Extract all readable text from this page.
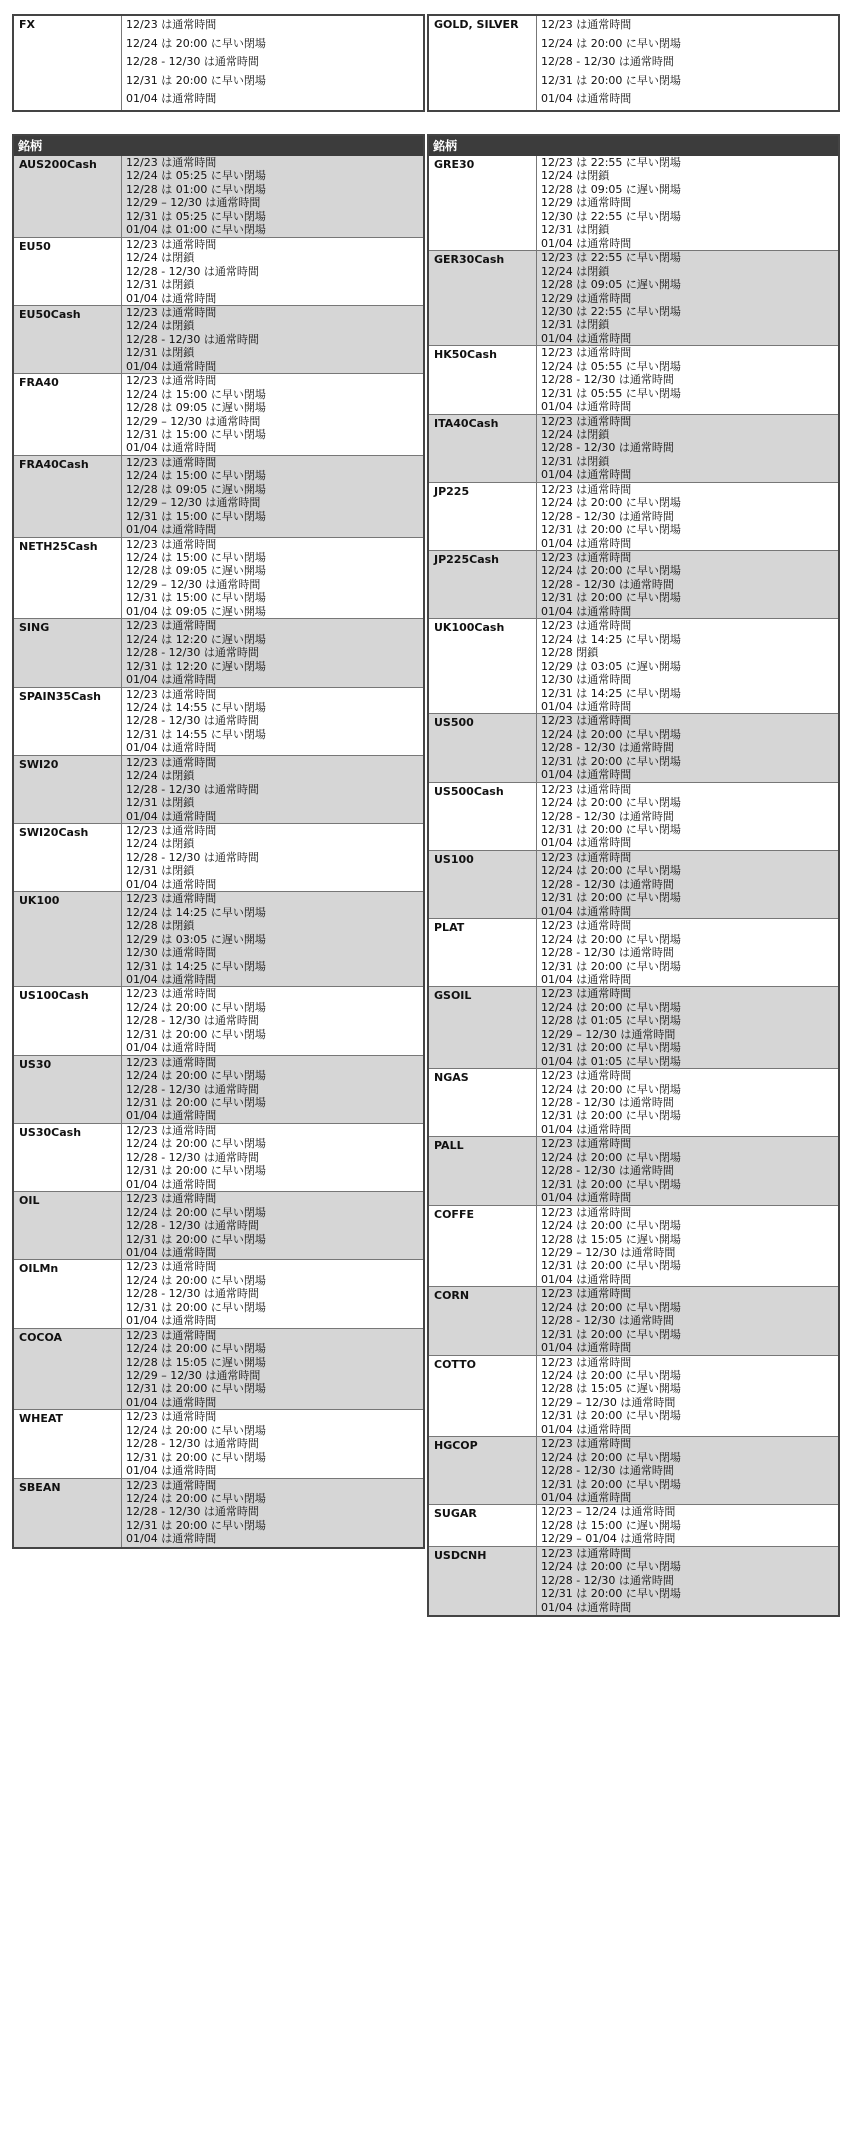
FX	12/23 は通常時間
12/24 は 20:00 に早い閉場
12/28 - 12/30 は通常時間
12/31 は 20:00 に早い閉場
01/04 は通常時間
GOLD, SILVER	12/23 は通常時間
12/24 は 20:00 に早い閉場
12/28 - 12/30 は通常時間
12/31 は 20:00 に早い閉場
01/04 は通常時間
銘柄
AUS200Cash	12/23 は通常時間
12/24 は 05:25 に早い閉場
12/28 は 01:00 に早い閉場
12/29 – 12/30 は通常時間
12/31 は 05:25 に早い閉場
01/04 は 01:00 に早い閉場
EU50	12/23 は通常時間
12/24 は閉鎖
12/28 - 12/30 は通常時間
12/31 は閉鎖
01/04 は通常時間
EU50Cash	12/23 は通常時間
12/24 は閉鎖
12/28 - 12/30 は通常時間
12/31 は閉鎖
01/04 は通常時間
FRA40	12/23 は通常時間
12/24 は 15:00 に早い閉場
12/28 は 09:05 に遅い開場
12/29 – 12/30 は通常時間
12/31 は 15:00 に早い閉場
01/04 は通常時間
FRA40Cash	12/23 は通常時間
12/24 は 15:00 に早い閉場
12/28 は 09:05 に遅い開場
12/29 – 12/30 は通常時間
12/31 は 15:00 に早い閉場
01/04 は通常時間
NETH25Cash	12/23 は通常時間
12/24 は 15:00 に早い閉場
12/28 は 09:05 に遅い開場
12/29 – 12/30 は通常時間
12/31 は 15:00 に早い閉場
01/04 は 09:05 に遅い開場
SING	12/23 は通常時間
12/24 は 12:20 に遅い閉場
12/28 - 12/30 は通常時間
12/31 は 12:20 に遅い閉場
01/04 は通常時間
SPAIN35Cash	12/23 は通常時間
12/24 は 14:55 に早い閉場
12/28 - 12/30 は通常時間
12/31 は 14:55 に早い閉場
01/04 は通常時間
SWI20	12/23 は通常時間
12/24 は閉鎖
12/28 - 12/30 は通常時間
12/31 は閉鎖
01/04 は通常時間
SWI20Cash	12/23 は通常時間
12/24 は閉鎖
12/28 - 12/30 は通常時間
12/31 は閉鎖
01/04 は通常時間
UK100	12/23 は通常時間
12/24 は 14:25 に早い閉場
12/28 は閉鎖
12/29 は 03:05 に遅い開場
12/30 は通常時間
12/31 は 14:25 に早い閉場
01/04 は通常時間
US100Cash	12/23 は通常時間
12/24 は 20:00 に早い閉場
12/28 - 12/30 は通常時間
12/31 は 20:00 に早い閉場
01/04 は通常時間
US30	12/23 は通常時間
12/24 は 20:00 に早い閉場
12/28 - 12/30 は通常時間
12/31 は 20:00 に早い閉場
01/04 は通常時間
US30Cash	12/23 は通常時間
12/24 は 20:00 に早い閉場
12/28 - 12/30 は通常時間
12/31 は 20:00 に早い閉場
01/04 は通常時間
OIL	12/23 は通常時間
12/24 は 20:00 に早い閉場
12/28 - 12/30 は通常時間
12/31 は 20:00 に早い閉場
01/04 は通常時間
OILMn	12/23 は通常時間
12/24 は 20:00 に早い閉場
12/28 - 12/30 は通常時間
12/31 は 20:00 に早い閉場
01/04 は通常時間
COCOA	12/23 は通常時間
12/24 は 20:00 に早い閉場
12/28 は 15:05 に遅い開場
12/29 – 12/30 は通常時間
12/31 は 20:00 に早い閉場
01/04 は通常時間
WHEAT	12/23 は通常時間
12/24 は 20:00 に早い閉場
12/28 - 12/30 は通常時間
12/31 は 20:00 に早い閉場
01/04 は通常時間
SBEAN	12/23 は通常時間
12/24 は 20:00 に早い閉場
12/28 - 12/30 は通常時間
12/31 は 20:00 に早い閉場
01/04 は通常時間
銘柄
GRE30	12/23 は 22:55 に早い閉場
12/24 は閉鎖
12/28 は 09:05 に遅い開場
12/29 は通常時間
12/30 は 22:55 に早い閉場
12/31 は閉鎖
01/04 は通常時間
GER30Cash	12/23 は 22:55 に早い閉場
12/24 は閉鎖
12/28 は 09:05 に遅い開場
12/29 は通常時間
12/30 は 22:55 に早い閉場
12/31 は閉鎖
01/04 は通常時間
HK50Cash	12/23 は通常時間
12/24 は 05:55 に早い閉場
12/28 - 12/30 は通常時間
12/31 は 05:55 に早い閉場
01/04 は通常時間
ITA40Cash	12/23 は通常時間
12/24 は閉鎖
12/28 - 12/30 は通常時間
12/31 は閉鎖
01/04 は通常時間
JP225	12/23 は通常時間
12/24 は 20:00 に早い閉場
12/28 - 12/30 は通常時間
12/31 は 20:00 に早い閉場
01/04 は通常時間
JP225Cash	12/23 は通常時間
12/24 は 20:00 に早い閉場
12/28 - 12/30 は通常時間
12/31 は 20:00 に早い閉場
01/04 は通常時間
UK100Cash	12/23 は通常時間
12/24 は 14:25 に早い閉場
12/28 閉鎖
12/29 は 03:05 に遅い開場
12/30 は通常時間
12/31 は 14:25 に早い閉場
01/04 は通常時間
US500	12/23 は通常時間
12/24 は 20:00 に早い閉場
12/28 - 12/30 は通常時間
12/31 は 20:00 に早い閉場
01/04 は通常時間
US500Cash	12/23 は通常時間
12/24 は 20:00 に早い閉場
12/28 - 12/30 は通常時間
12/31 は 20:00 に早い閉場
01/04 は通常時間
US100	12/23 は通常時間
12/24 は 20:00 に早い閉場
12/28 - 12/30 は通常時間
12/31 は 20:00 に早い閉場
01/04 は通常時間
PLAT	12/23 は通常時間
12/24 は 20:00 に早い閉場
12/28 - 12/30 は通常時間
12/31 は 20:00 に早い閉場
01/04 は通常時間
GSOIL	12/23 は通常時間
12/24 は 20:00 に早い閉場
12/28 は 01:05 に早い閉場
12/29 – 12/30 は通常時間
12/31 は 20:00 に早い閉場
01/04 は 01:05 に早い閉場
NGAS	12/23 は通常時間
12/24 は 20:00 に早い閉場
12/28 - 12/30 は通常時間
12/31 は 20:00 に早い閉場
01/04 は通常時間
PALL	12/23 は通常時間
12/24 は 20:00 に早い閉場
12/28 - 12/30 は通常時間
12/31 は 20:00 に早い閉場
01/04 は通常時間
COFFE	12/23 は通常時間
12/24 は 20:00 に早い閉場
12/28 は 15:05 に遅い開場
12/29 – 12/30 は通常時間
12/31 は 20:00 に早い閉場
01/04 は通常時間
CORN	12/23 は通常時間
12/24 は 20:00 に早い閉場
12/28 - 12/30 は通常時間
12/31 は 20:00 に早い閉場
01/04 は通常時間
COTTO	12/23 は通常時間
12/24 は 20:00 に早い閉場
12/28 は 15:05 に遅い開場
12/29 – 12/30 は通常時間
12/31 は 20:00 に早い閉場
01/04 は通常時間
HGCOP	12/23 は通常時間
12/24 は 20:00 に早い閉場
12/28 - 12/30 は通常時間
12/31 は 20:00 に早い閉場
01/04 は通常時間
SUGAR	12/23 – 12/24 は通常時間
12/28 は 15:00 に遅い開場
12/29 – 01/04 は通常時間
USDCNH	12/23 は通常時間
12/24 は 20:00 に早い閉場
12/28 - 12/30 は通常時間
12/31 は 20:00 に早い閉場
01/04 は通常時間
